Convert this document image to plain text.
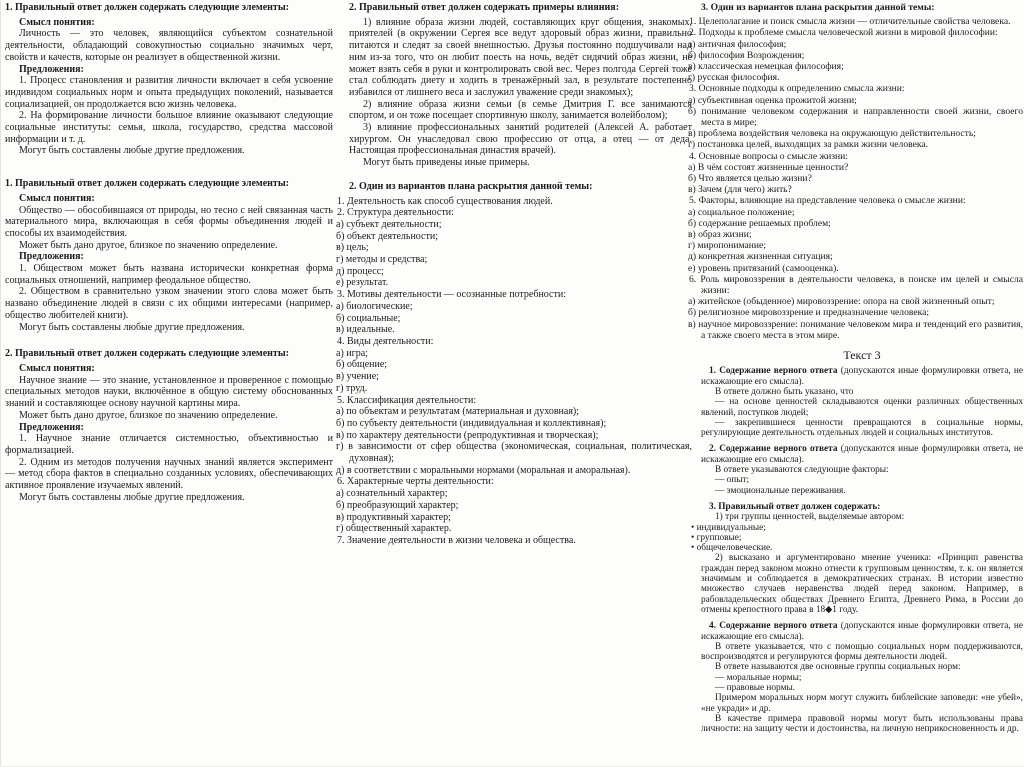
1. Правильный ответ должен содержать следующие элементы:

Смысл понятия:

Личность — это человек, являющийся субъектом сознательной деятельности, обладающий совокупностью социально значимых черт, свойств и качеств, которые он реализует в общественной жизни.

Предложения:

1. Процесс становления и развития личности включает в себя усвоение индивидом социальных норм и опыта предыдущих поколений, называется социализацией, он продолжается всю жизнь человека.

2. На формирование личности большое влияние оказывают следующие социальные институты: семья, школа, государство, средства массовой информации и т. д.

Могут быть составлены любые другие предложения.

1. Правильный ответ должен содержать следующие элементы:

Смысл понятия:

Общество — обособившаяся от природы, но тесно с ней связанная часть материального мира, включающая в себя формы объединения людей и способы их взаимодействия.

Может быть дано другое, близкое по значению определение.

Предложения:

1. Обществом может быть названа исторически конкретная форма социальных отношений, например феодальное общество.

2. Обществом в сравнительно узком значении этого слова может быть названо объединение людей в связи с их общими интересами (например, общество любителей книги).

Могут быть составлены любые другие предложения.

2. Правильный ответ должен содержать следующие элементы:

Смысл понятия:

Научное знание — это знание, установленное и проверенное с помощью специальных методов науки, включённое в общую систему обоснованных знаний и составляющее основу научной картины мира.

Может быть дано другое, близкое по значению определение.

Предложения:

1. Научное знание отличается системностью, объективностью и формализацией.

2. Одним из методов получения научных знаний является эксперимент — метод сбора фактов в специально созданных условиях, обеспечивающих активное проявление изучаемых явлений.

Могут быть составлены любые другие предложения.

2. Правильный ответ должен содержать примеры влияния:

1) влияние образа жизни людей, составляющих круг общения, знакомых, приятелей (в окружении Сергея все ведут здоровый образ жизни, правильно питаются и следят за своей внешностью. Друзья постоянно подшучивали над ним из-за того, что он любит поесть на ночь, ведёт сидячий образ жизни, не может взять себя в руки и контролировать свой вес. Через полгода Сергей тоже стал соблюдать диету и ходить в тренажёрный зал, в результате постепенно избавился от лишнего веса и заслужил уважение среди знакомых);

2) влияние образа жизни семьи (в семье Дмитрия Г. все занимаются спортом, и он тоже посещает спортивную школу, занимается волейболом);

3) влияние профессиональных занятий родителей (Алексей А. работает хирургом. Он унаследовал свою профессию от отца, а отец — от деда. Настоящая профессиональная династия врачей).

Могут быть приведены иные примеры.

2. Один из вариантов плана раскрытия данной темы:

1. Деятельность как способ существования людей.

2. Структура деятельности:

а) субъект деятельности;

б) объект деятельности;

в) цель;

г) методы и средства;

д) процесс;

е) результат.

3. Мотивы деятельности — осознанные потребности:

а) биологические;

б) социальные;

в) идеальные.

4. Виды деятельности:

а) игра;

б) общение;

в) учение;

г) труд.

5. Классификация деятельности:

а) по объектам и результатам (материальная и духовная);

б) по субъекту деятельности (индивидуальная и коллективная);

в) по характеру деятельности (репродуктивная и творческая);

г) в зависимости от сфер общества (экономическая, социальная, политическая, духовная);

д) в соответствии с моральными нормами (моральная и аморальная).

6. Характерные черты деятельности:

а) сознательный характер;

б) преобразующий характер;

в) продуктивный характер;

г) общественный характер.

7. Значение деятельности в жизни человека и общества.

3. Один из вариантов плана раскрытия данной темы:

1. Целеполагание и поиск смысла жизни — отличительные свойства человека.

2. Подходы к проблеме смысла человеческой жизни в мировой философии:

а) античная философия;

б) философия Возрождения;

в) классическая немецкая философия;

г) русская философия.

3. Основные подходы к определению смысла жизни:

а) субъективная оценка прожитой жизни;

б) понимание человеком содержания и направленности своей жизни, своего места в мире;

в) проблема воздействия человека на окружающую действительность;

г) постановка целей, выходящих за рамки жизни человека.

4. Основные вопросы о смысле жизни:

а) В чём состоят жизненные ценности?

б) Что является целью жизни?

в) Зачем (для чего) жить?

5. Факторы, влияющие на представление человека о смысле жизни:

а) социальное положение;

б) содержание решаемых проблем;

в) образ жизни;

г) миропонимание;

д) конкретная жизненная ситуация;

е) уровень притязаний (самооценка).

6. Роль мировоззрения в деятельности человека, в поиске им целей и смысла жизни:

а) житейское (обыденное) мировоззрение: опора на свой жизненный опыт;

б) религиозное мировоззрение и предназначение человека;

в) научное мировоззрение: понимание человеком мира и тенденций его развития, а также своего места в этом мире.

Текст 3

1. Содержание верного ответа (допускаются иные формулировки ответа, не искажающие его смысла).

В ответе должно быть указано, что

— на основе ценностей складываются оценки различных общественных явлений, поступков людей;

— закрепившиеся ценности превращаются в социальные нормы, регулирующие деятельность отдельных людей и социальных институтов.

2. Содержание верного ответа (допускаются иные формулировки ответа, не искажающие его смысла).

В ответе указываются следующие факторы:

— опыт;

— эмоциональные переживания.

3. Правильный ответ должен содержать:

1) три группы ценностей, выделяемые автором:

• индивидуальные;

• групповые;

• общечеловеческие.

2) высказано и аргументировано мнение ученика: «Принцип равенства граждан перед законом можно отнести к групповым ценностям, т. к. он является значимым и соблюдается в демократических странах. В истории известно множество случаев неравенства людей перед законом. Например, в рабовладельческих обществах Древнего Египта, Древнего Рима, в России до отмены крепостного права в 18◆1 году.

4. Содержание верного ответа (допускаются иные формулировки ответа, не искажающие его смысла).

В ответе указывается, что с помощью социальных норм поддерживаются, воспроизводятся и регулируются формы деятельности людей.

В ответе называются две основные группы социальных норм:

— моральные нормы;

— правовые нормы.

Примером моральных норм могут служить библейские заповеди: «не убей», «не укради» и др.

В качестве примера правовой нормы могут быть использованы права личности: на защиту чести и достоинства, на личную неприкосновенность и др.
